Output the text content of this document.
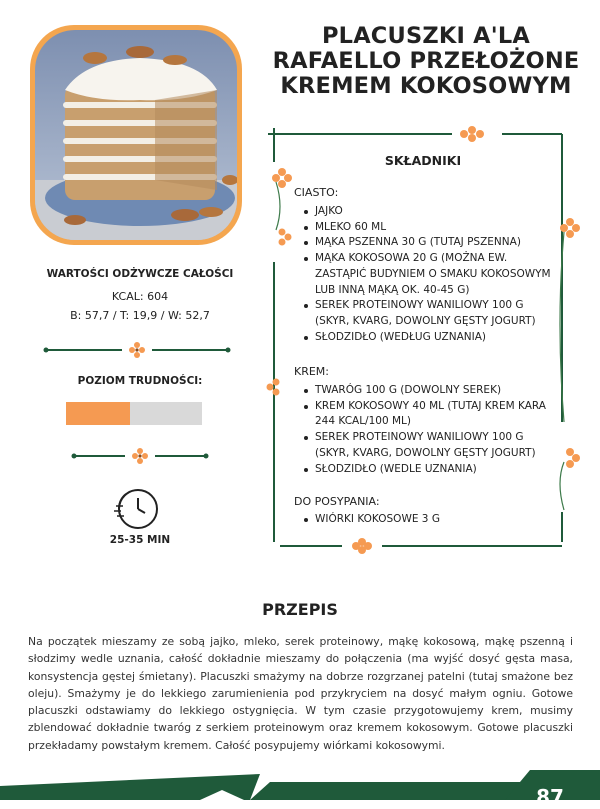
PLACUSZKI A'LA RAFAELLO PRZEŁOŻONE KREMEM KOKOSOWYM
WARTOŚCI ODŻYWCZE CAŁOŚCI
KCAL: 604
B: 57,7 / T: 19,9 / W: 52,7
POZIOM TRUDNOŚCI:
25-35 MIN
SKŁADNIKI
CIASTO:
JAJKO
MLEKO 60 ML
MĄKA PSZENNA 30 G (TUTAJ PSZENNA)
MĄKA KOKOSOWA 20 G (MOŻNA EW. ZASTĄPIĆ BUDYNIEM O SMAKU KOKOSOWYM LUB INNĄ MĄKĄ OK. 40-45 G)
SEREK PROTEINOWY WANILIOWY 100 G (SKYR, KVARG, DOWOLNY GĘSTY JOGURT)
SŁODZIDŁO (WEDŁUG UZNANIA)
KREM:
TWARÓG 100 G (DOWOLNY SEREK)
KREM KOKOSOWY 40 ML (TUTAJ KREM KARA 244 KCAL/100 ML)
SEREK PROTEINOWY WANILIOWY 100 G (SKYR, KVARG, DOWOLNY GĘSTY JOGURT)
SŁODZIDŁO (WEDLE UZNANIA)
DO POSYPANIA:
WIÓRKI KOKOSOWE 3 G
PRZEPIS
Na początek mieszamy ze sobą jajko, mleko, serek proteinowy, mąkę kokosową, mąkę pszenną i słodzimy wedle uznania, całość dokładnie mieszamy do połączenia (ma wyjść dosyć gęsta masa, konsystencja gęstej śmietany). Placuszki smażymy na dobrze rozgrzanej patelni (tutaj smażone bez oleju). Smażymy je do lekkiego zarumienienia pod przykryciem na dosyć małym ogniu. Gotowe placuszki odstawiamy do lekkiego ostygnięcia. W tym czasie przygotowujemy krem, musimy zblendować dokładnie twaróg z serkiem proteinowym oraz kremem kokosowym. Gotowe placuszki przekładamy powstałym kremem. Całość posypujemy wiórkami kokosowymi.
87
